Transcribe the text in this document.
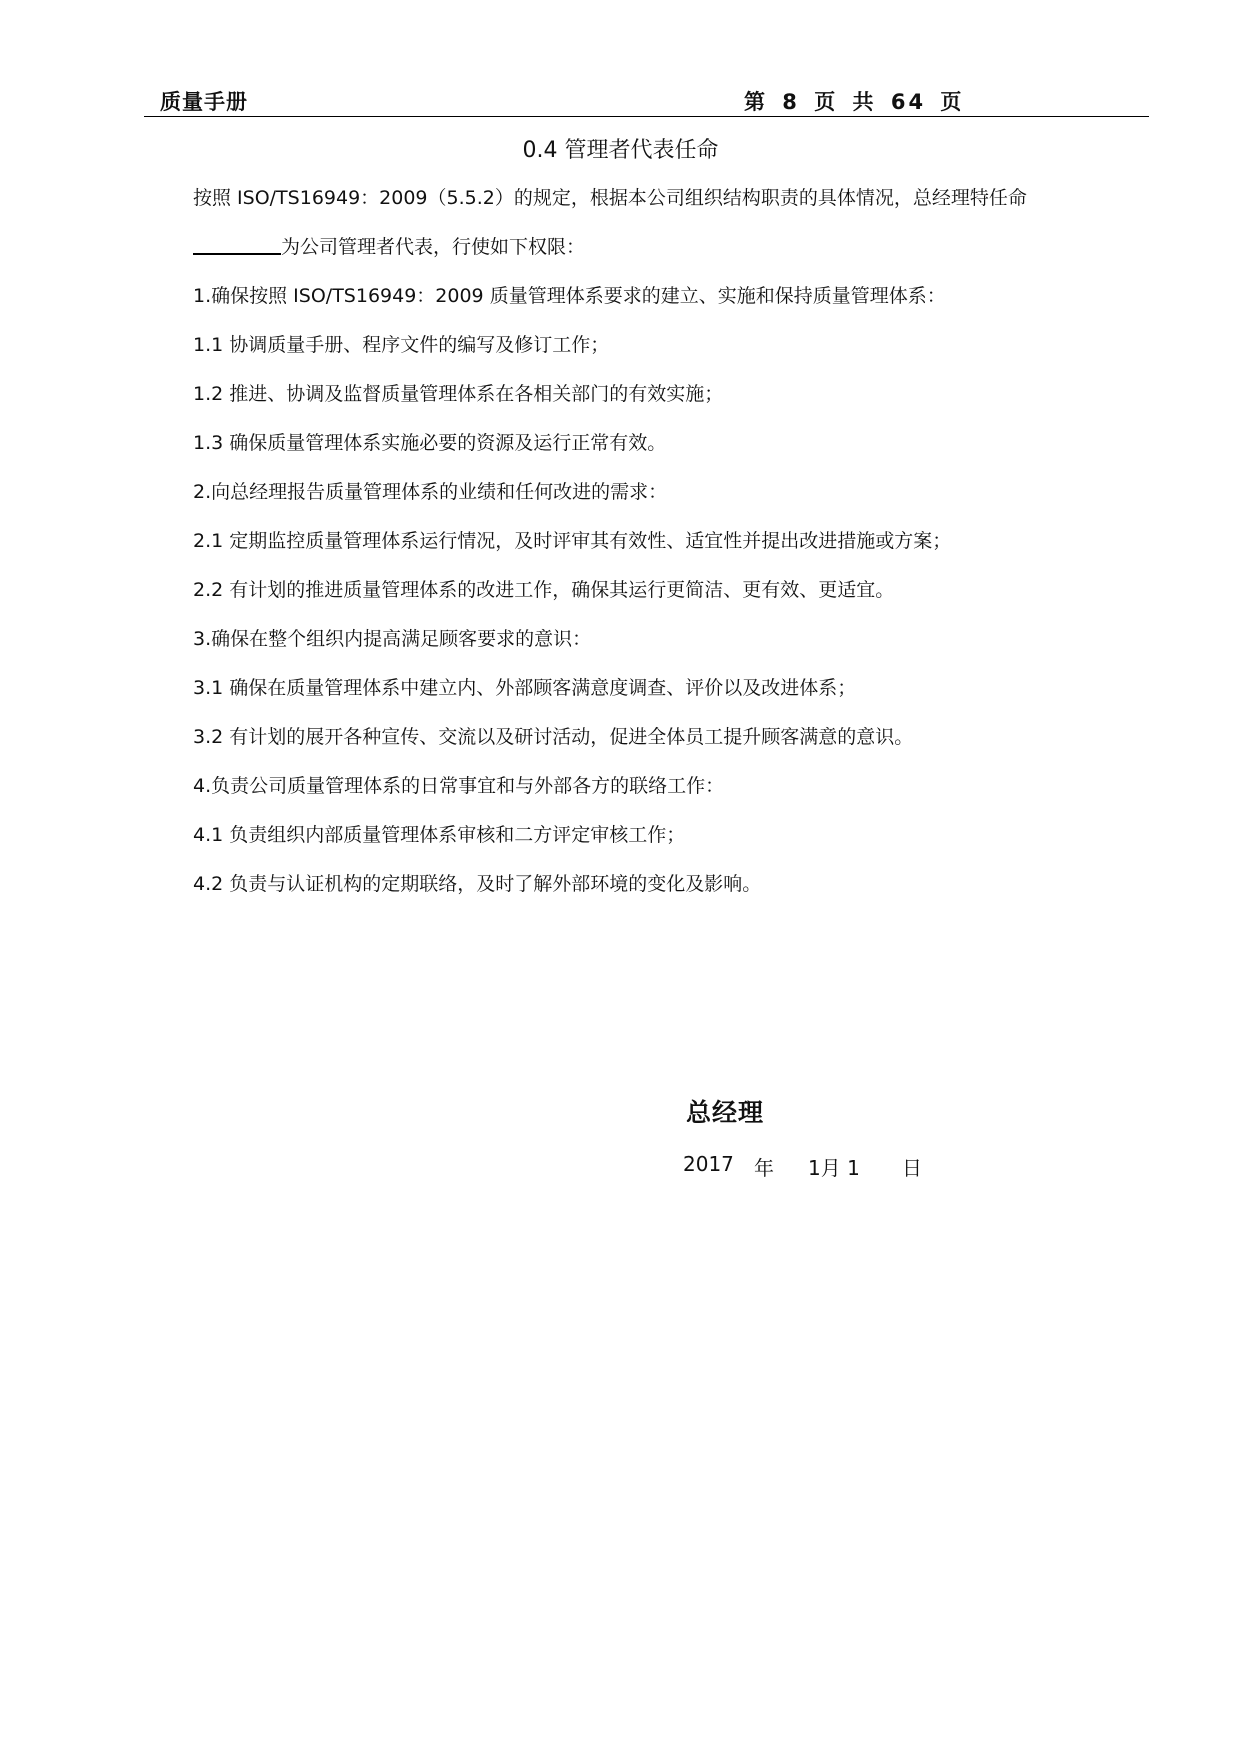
质量手册	第 8 页 共 64 页
0.4 管理者代表任命
按照 ISO/TS16949：2009（5.5.2）的规定，根据本公司组织结构职责的具体情况，总经理特任命
为公司管理者代表，行使如下权限：
1.确保按照 ISO/TS16949：2009 质量管理体系要求的建立、实施和保持质量管理体系：
1.1 协调质量手册、程序文件的编写及修订工作；
1.2 推进、协调及监督质量管理体系在各相关部门的有效实施；
1.3 确保质量管理体系实施必要的资源及运行正常有效。
2.向总经理报告质量管理体系的业绩和任何改进的需求：
2.1 定期监控质量管理体系运行情况，及时评审其有效性、适宜性并提出改进措施或方案；
2.2 有计划的推进质量管理体系的改进工作，确保其运行更简洁、更有效、更适宜。
3.确保在整个组织内提高满足顾客要求的意识：
3.1 确保在质量管理体系中建立内、外部顾客满意度调查、评价以及改进体系；
3.2 有计划的展开各种宣传、交流以及研讨活动，促进全体员工提升顾客满意的意识。
4.负责公司质量管理体系的日常事宜和与外部各方的联络工作：
4.1 负责组织内部质量管理体系审核和二方评定审核工作；
4.2 负责与认证机构的定期联络，及时了解外部环境的变化及影响。
总经理
2017 年 1月 1 日
